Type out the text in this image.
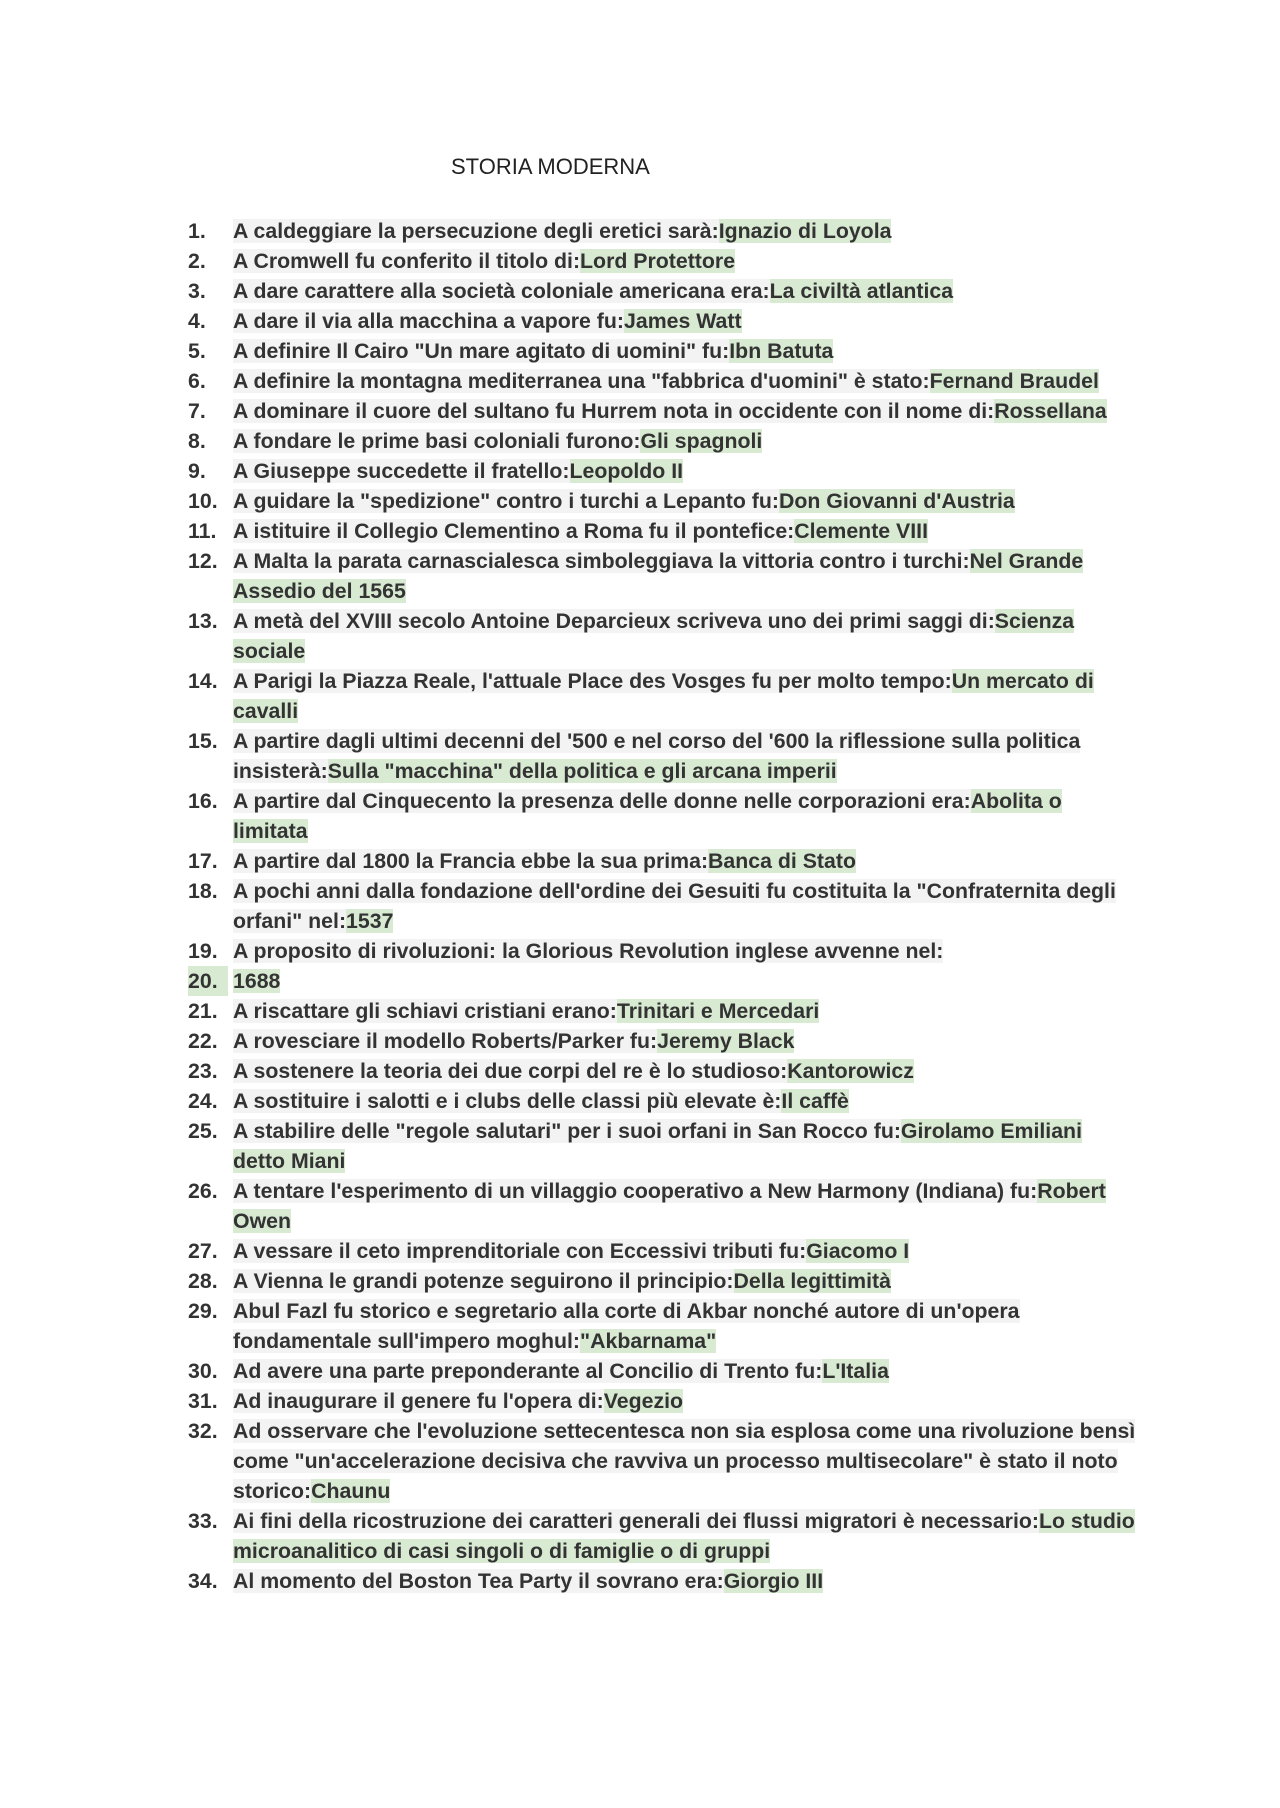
STORIA MODERNA
1.	A caldeggiare la persecuzione degli eretici sarà:Ignazio di Loyola
2.	A Cromwell fu conferito il titolo di:Lord Protettore
3.	A dare carattere alla società coloniale americana era:La civiltà atlantica
4.	A dare il via alla macchina a vapore fu:James Watt
5.	A definire Il Cairo "Un mare agitato di uomini" fu:Ibn Batuta
6.	A definire la montagna mediterranea una "fabbrica d'uomini" è stato:Fernand Braudel
7.	A dominare il cuore del sultano fu Hurrem nota in occidente con il nome di:Rossellana
8.	A fondare le prime basi coloniali furono:Gli spagnoli
9.	A Giuseppe succedette il fratello:Leopoldo II
10. A guidare la "spedizione" contro i turchi a Lepanto fu:Don Giovanni d'Austria
11. A istituire il Collegio Clementino a Roma fu il pontefice:Clemente VIII
12. A Malta la parata carnascialesca simboleggiava la vittoria contro i turchi:Nel Grande Assedio del 1565
13. A metà del XVIII secolo Antoine Deparcieux scriveva uno dei primi saggi di:Scienza sociale
14. A Parigi la Piazza Reale, l'attuale Place des Vosges fu per molto tempo:Un mercato di cavalli
15. A partire dagli ultimi decenni del '500 e nel corso del '600 la riflessione sulla politica insisterà:Sulla "macchina" della politica e gli arcana imperii
16. A partire dal Cinquecento la presenza delle donne nelle corporazioni era:Abolita o limitata
17. A partire dal 1800 la Francia ebbe la sua prima:Banca di Stato
18. A pochi anni dalla fondazione dell'ordine dei Gesuiti fu costituita la "Confraternita degli orfani" nel:1537
19. A proposito di rivoluzioni: la Glorious Revolution inglese avvenne nel:
20. 1688
21. A riscattare gli schiavi cristiani erano:Trinitari e Mercedari
22. A rovesciare il modello Roberts/Parker fu:Jeremy Black
23. A sostenere la teoria dei due corpi del re è lo studioso:Kantorowicz
24. A sostituire i salotti e i clubs delle classi più elevate è:Il caffè
25. A stabilire delle "regole salutari" per i suoi orfani in San Rocco fu:Girolamo Emiliani detto Miani
26. A tentare l'esperimento di un villaggio cooperativo a New Harmony (Indiana) fu:Robert Owen
27. A vessare il ceto imprenditoriale con Eccessivi tributi fu:Giacomo I
28. A Vienna le grandi potenze seguirono il principio:Della legittimità
29. Abul Fazl fu storico e segretario alla corte di Akbar nonché autore di un'opera fondamentale sull'impero moghul:"Akbarnama"
30. Ad avere una parte preponderante al Concilio di Trento fu:L'Italia
31. Ad inaugurare il genere fu l'opera di:Vegezio
32. Ad osservare che l'evoluzione settecentesca non sia esplosa come una rivoluzione bensì come "un'accelerazione decisiva che ravviva un processo multisecolare" è stato il noto storico:Chaunu
33. Ai fini della ricostruzione dei caratteri generali dei flussi migratori è necessario:Lo studio microanalitico di casi singoli o di famiglie o di gruppi
34. Al momento del Boston Tea Party il sovrano era:Giorgio III
